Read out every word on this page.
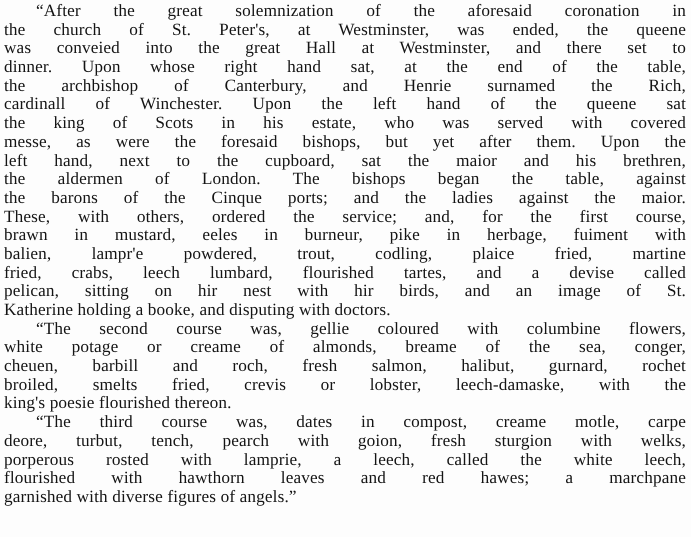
“After the great solemnization of the aforesaid coronation in
the church of St. Peter's, at Westminster, was ended, the queene
was conveied into the great Hall at Westminster, and there set to
dinner. Upon whose right hand sat, at the end of the table,
the archbishop of Canterbury, and Henrie surnamed the Rich,
cardinall of Winchester. Upon the left hand of the queene sat
the king of Scots in his estate, who was served with covered
messe, as were the foresaid bishops, but yet after them. Upon the
left hand, next to the cupboard, sat the maior and his brethren,
the aldermen of London. The bishops began the table, against
the barons of the Cinque ports; and the ladies against the maior.
These, with others, ordered the service; and, for the first course,
brawn in mustard, eeles in burneur, pike in herbage, fuiment with
balien, lampr'e powdered, trout, codling, plaice fried, martine
fried, crabs, leech lumbard, flourished tartes, and a devise called
pelican, sitting on hir nest with hir birds, and an image of St.
Katherine holding a booke, and disputing with doctors.
“The second course was, gellie coloured with columbine flowers,
white potage or creame of almonds, breame of the sea, conger,
cheuen, barbill and roch, fresh salmon, halibut, gurnard, rochet
broiled, smelts fried, crevis or lobster, leech-damaske, with the
king's poesie flourished thereon.
“The third course was, dates in compost, creame motle, carpe
deore, turbut, tench, pearch with goion, fresh sturgion with welks,
porperous rosted with lamprie, a leech, called the white leech,
flourished with hawthorn leaves and red hawes; a marchpane
garnished with diverse figures of angels.”
